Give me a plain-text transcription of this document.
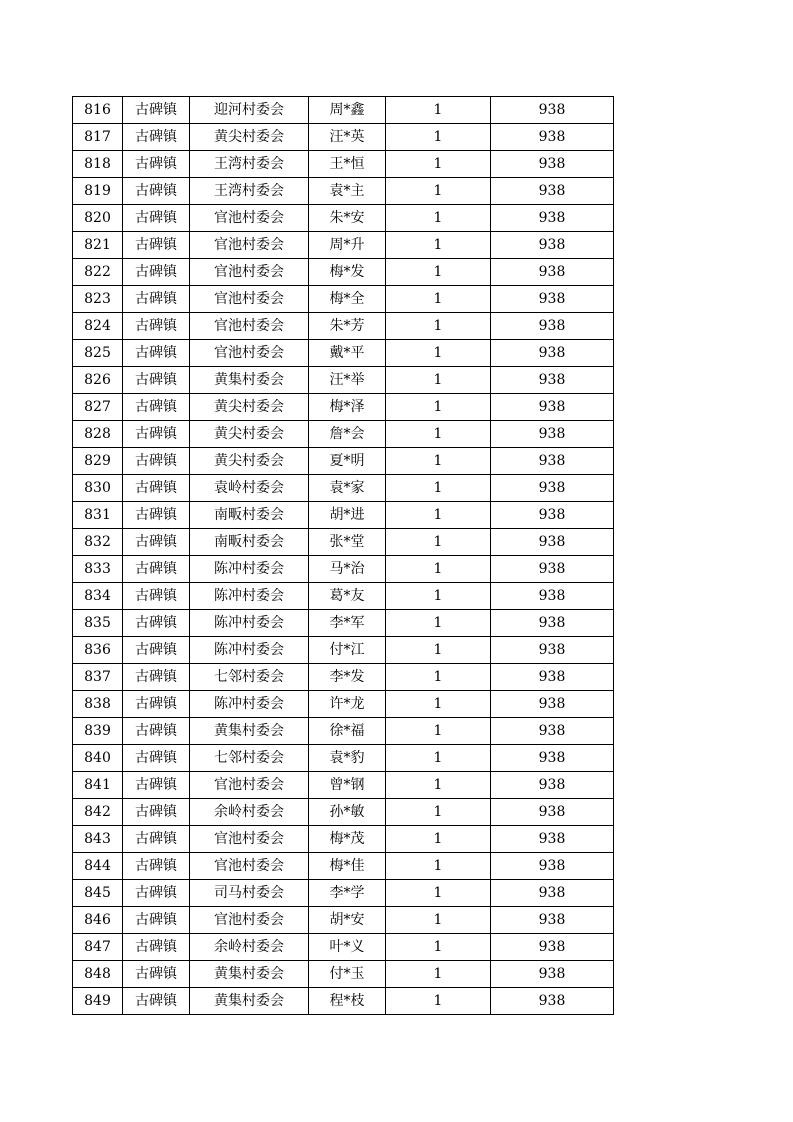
816	古碑镇	迎河村委会	周*鑫	1	938
817	古碑镇	黄尖村委会	汪*英	1	938
818	古碑镇	王湾村委会	王*恒	1	938
819	古碑镇	王湾村委会	袁*主	1	938
820	古碑镇	官池村委会	朱*安	1	938
821	古碑镇	官池村委会	周*升	1	938
822	古碑镇	官池村委会	梅*发	1	938
823	古碑镇	官池村委会	梅*全	1	938
824	古碑镇	官池村委会	朱*芳	1	938
825	古碑镇	官池村委会	戴*平	1	938
826	古碑镇	黄集村委会	汪*举	1	938
827	古碑镇	黄尖村委会	梅*泽	1	938
828	古碑镇	黄尖村委会	詹*会	1	938
829	古碑镇	黄尖村委会	夏*明	1	938
830	古碑镇	袁岭村委会	袁*家	1	938
831	古碑镇	南畈村委会	胡*进	1	938
832	古碑镇	南畈村委会	张*堂	1	938
833	古碑镇	陈冲村委会	马*治	1	938
834	古碑镇	陈冲村委会	葛*友	1	938
835	古碑镇	陈冲村委会	李*军	1	938
836	古碑镇	陈冲村委会	付*江	1	938
837	古碑镇	七邻村委会	李*发	1	938
838	古碑镇	陈冲村委会	许*龙	1	938
839	古碑镇	黄集村委会	徐*福	1	938
840	古碑镇	七邻村委会	袁*豹	1	938
841	古碑镇	官池村委会	曾*钢	1	938
842	古碑镇	余岭村委会	孙*敏	1	938
843	古碑镇	官池村委会	梅*茂	1	938
844	古碑镇	官池村委会	梅*佳	1	938
845	古碑镇	司马村委会	李*学	1	938
846	古碑镇	官池村委会	胡*安	1	938
847	古碑镇	余岭村委会	叶*义	1	938
848	古碑镇	黄集村委会	付*玉	1	938
849	古碑镇	黄集村委会	程*枝	1	938
